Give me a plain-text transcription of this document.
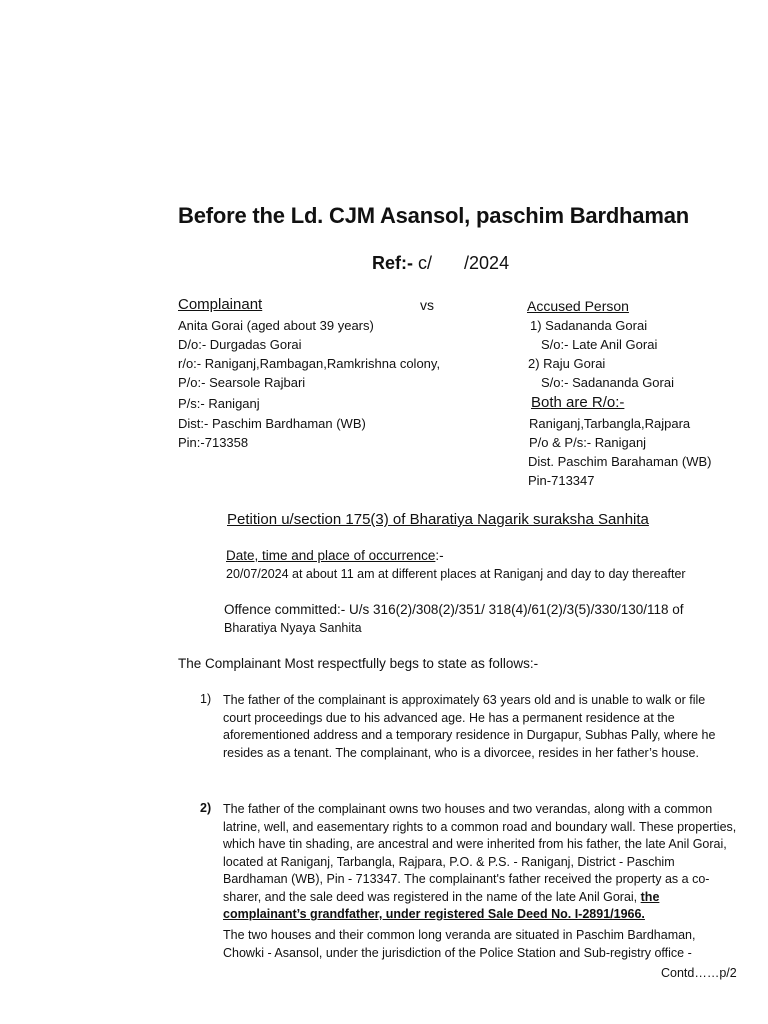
Before the Ld. CJM Asansol, paschim Bardhaman
Ref:- c/ /2024
Complainant	vs	Accused Person
Anita Gorai (aged about 39 years)
D/o:- Durgadas Gorai
r/o:- Raniganj,Rambagan,Ramkrishna colony,
P/o:- Searsole Rajbari
P/s:- Raniganj
Dist:- Paschim Bardhaman (WB)
Pin:-713358
1) Sadananda Gorai
S/o:- Late Anil Gorai
2) Raju Gorai
S/o:- Sadananda Gorai
Both are R/o:-
Raniganj,Tarbangla,Rajpara
P/o & P/s:- Raniganj
Dist. Paschim Barahaman (WB)
Pin-713347
Petition u/section 175(3) of Bharatiya Nagarik suraksha Sanhita
Date, time and place of occurrence:-
20/07/2024 at about 11 am at different places at Raniganj and day to day thereafter
Offence committed:- U/s 316(2)/308(2)/351/ 318(4)/61(2)/3(5)/330/130/118 of
Bharatiya Nyaya Sanhita
The Complainant Most respectfully begs to state as follows:-
1) The father of the complainant is approximately 63 years old and is unable to walk or file court proceedings due to his advanced age. He has a permanent residence at the aforementioned address and a temporary residence in Durgapur, Subhas Pally, where he resides as a tenant. The complainant, who is a divorcee, resides in her father’s house.
2) The father of the complainant owns two houses and two verandas, along with a common latrine, well, and easementary rights to a common road and boundary wall. These properties, which have tin shading, are ancestral and were inherited from his father, the late Anil Gorai, located at Raniganj, Tarbangla, Rajpara, P.O. & P.S. - Raniganj, District - Paschim Bardhaman (WB), Pin - 713347. The complainant's father received the property as a co-sharer, and the sale deed was registered in the name of the late Anil Gorai, the complainant’s grandfather, under registered Sale Deed No. I-2891/1966.
The two houses and their common long veranda are situated in Paschim Bardhaman, Chowki - Asansol, under the jurisdiction of the Police Station and Sub-registry office -
Contd……p/2
